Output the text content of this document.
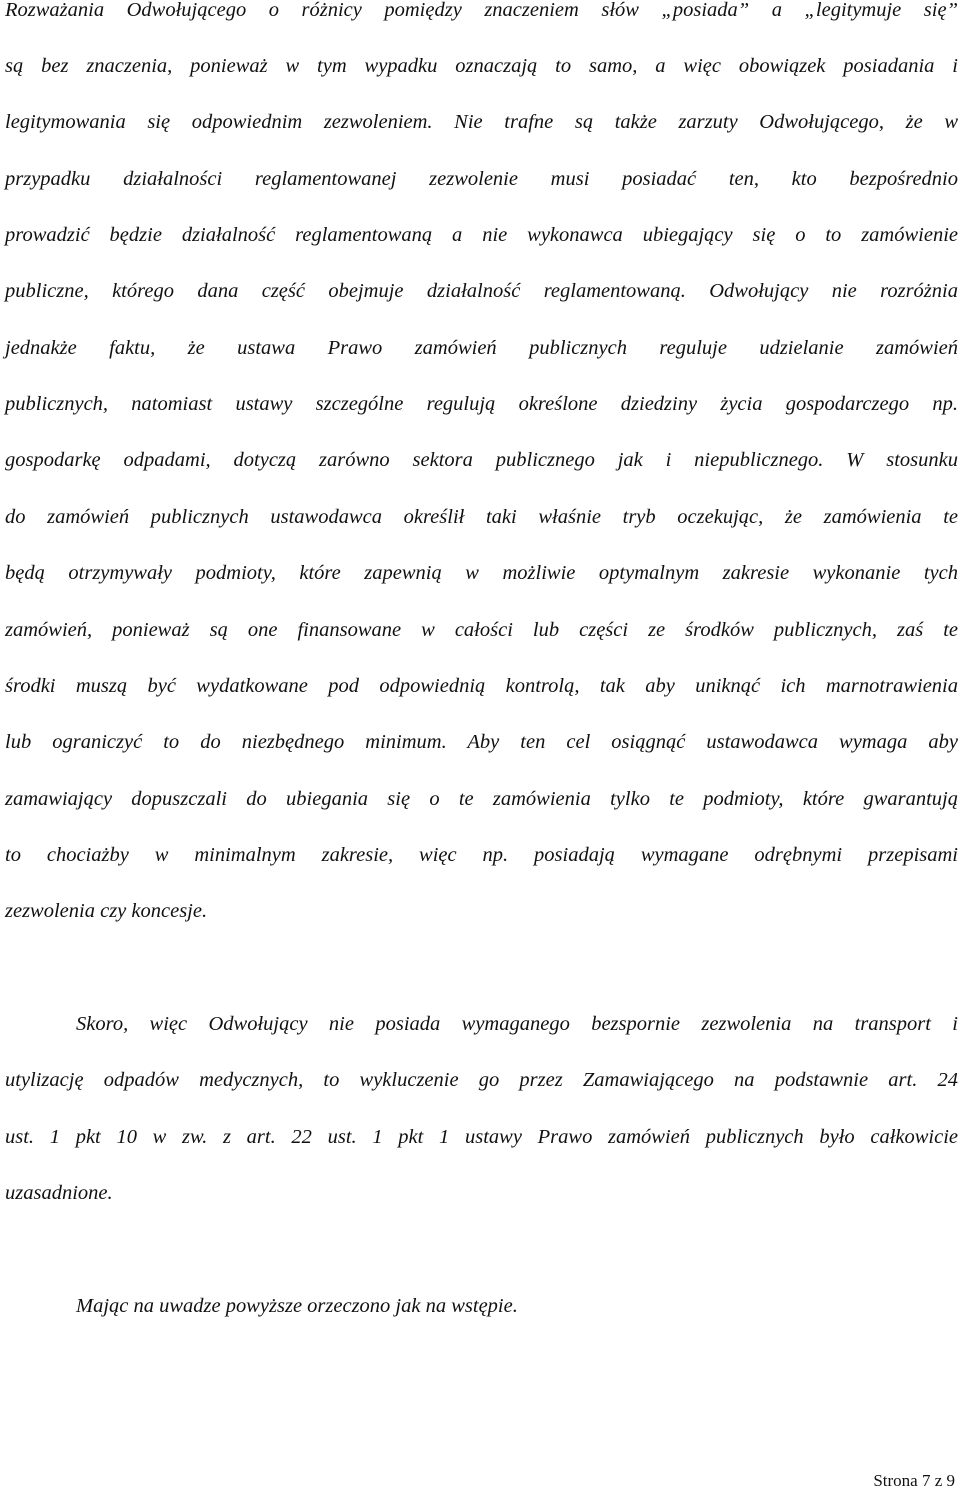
Rozważania Odwołującego o różnicy pomiędzy znaczeniem słów „posiada” a „legitymuje się”
są bez znaczenia, ponieważ w tym wypadku oznaczają to samo, a więc obowiązek posiadania i
legitymowania się odpowiednim zezwoleniem. Nie trafne są także zarzuty Odwołującego, że w
przypadku działalności reglamentowanej zezwolenie musi posiadać ten, kto bezpośrednio
prowadzić będzie działalność reglamentowaną a nie wykonawca ubiegający się o to zamówienie
publiczne, którego dana część obejmuje działalność reglamentowaną. Odwołujący nie rozróżnia
jednakże faktu, że ustawa Prawo zamówień publicznych reguluje udzielanie zamówień
publicznych, natomiast ustawy szczególne regulują określone dziedziny życia gospodarczego np.
gospodarkę odpadami, dotyczą zarówno sektora publicznego jak i niepublicznego. W stosunku
do zamówień publicznych ustawodawca określił taki właśnie tryb oczekując, że zamówienia te
będą otrzymywały podmioty, które zapewnią w możliwie optymalnym zakresie wykonanie tych
zamówień, ponieważ są one finansowane w całości lub części ze środków publicznych, zaś te
środki muszą być wydatkowane pod odpowiednią kontrolą, tak aby uniknąć ich marnotrawienia
lub ograniczyć to do niezbędnego minimum. Aby ten cel osiągnąć ustawodawca wymaga aby
zamawiający dopuszczali do ubiegania się o te zamówienia tylko te podmioty, które gwarantują
to chociażby w minimalnym zakresie, więc np. posiadają wymagane odrębnymi przepisami
zezwolenia czy koncesje.
Skoro, więc Odwołujący nie posiada wymaganego bezspornie zezwolenia na transport i
utylizację odpadów medycznych, to wykluczenie go przez Zamawiającego na podstawnie art. 24
ust. 1 pkt 10 w zw. z art. 22 ust. 1 pkt 1 ustawy Prawo zamówień publicznych było całkowicie
uzasadnione.
Mając na uwadze powyższe orzeczono jak na wstępie.
Strona 7 z 9
